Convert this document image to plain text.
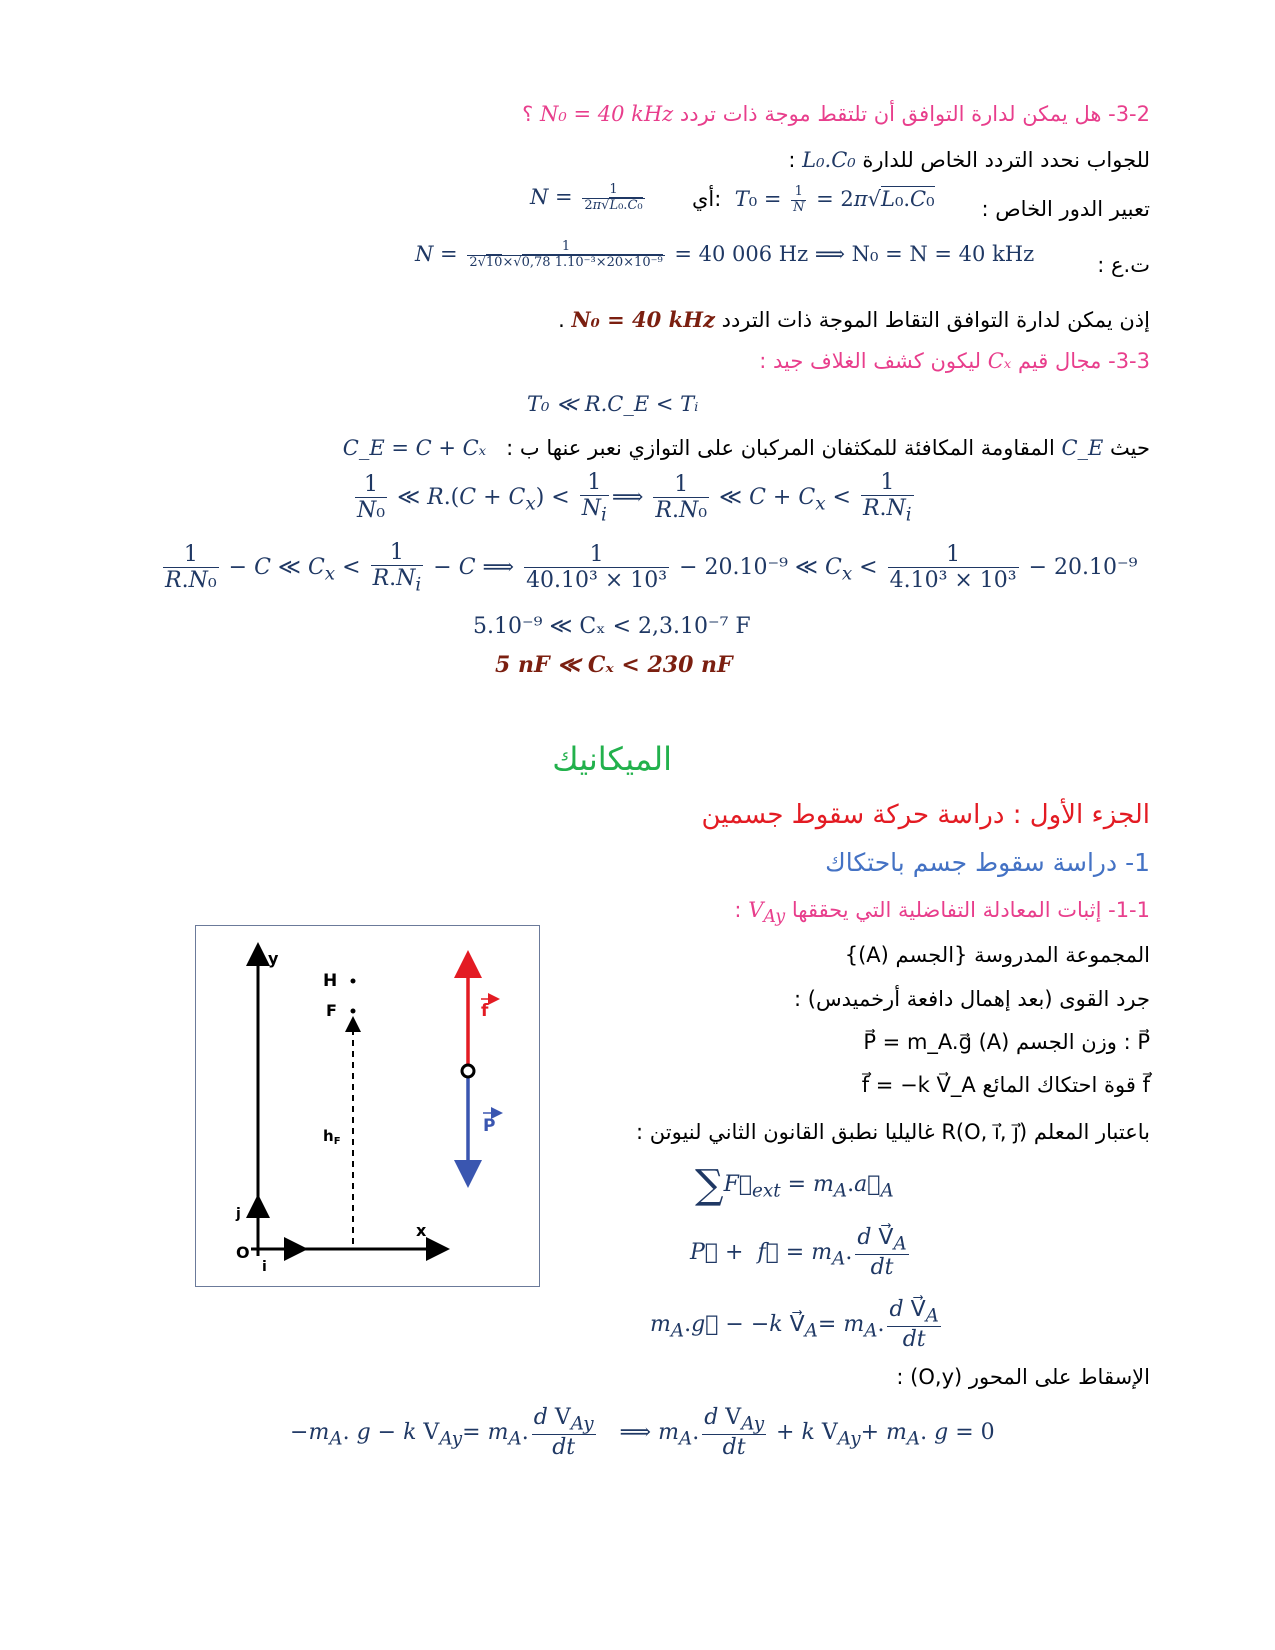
3-2- هل يمكن لدارة التوافق أن تلتقط موجة ذات تردد N₀ = 40 kHz ؟
للجواب نحدد التردد الخاص للدارة L₀.C₀ :
تعبير الدور الخاص :
أي: $T_0 = \frac{1}{N} = 2\pi√L_0.C_0$
$N = \frac{1}{\text{2π√L₀.C₀}}$
ت.ع :
$N = \frac{1}{\text{2√10×√0,78 1.10⁻³×20×10⁻⁹}} = 40$ 006 Hz ⟹ N₀ = N = 40 kHz
إذن يمكن لدارة التوافق التقاط الموجة ذات التردد N₀ = 40 kHz .
3-3- مجال قيم Cₓ ليكون كشف الغلاف جيد :
T₀ ≪ R.C_E < Tᵢ
حيث C_E المقاومة المكافئة للمكثفان المركبان على التوازي نعبر عنها ب :   C_E = C + Cₓ
$\frac{1}{\text{N₀}}$ ≪ $R.(C + C_x) < \frac{1}{N_i}$ ⟹ $\frac{1}{\text{R.N₀}}$ ≪ $C + C_x < \frac{1}{R.N_i}$
$\frac{1}{\text{R.N₀}} - C$ ≪ $C_x < \frac{1}{R.N_i} - C$ ⟹ $\frac{1}{\text{40.10³ × 10³}} - 20.10^{-9}$ ≪ $C_x < \frac{1}{\text{4.10³ × 10³}} - 20.10^{-9}$
5.10⁻⁹ ≪ Cₓ < 2,3.10⁻⁷ F
5 nF ≪ Cₓ < 230 nF
الميكانيك
الجزء الأول : دراسة حركة سقوط جسمين
1- دراسة سقوط جسم باحتكاك
1-1- إثبات المعادلة التفاضلية التي يحققها $V_{Ay}$ :
المجموعة المدروسة {الجسم (A)}
جرد القوى (بعد إهمال دافعة أرخميدس) :
P⃗ : وزن الجسم (A) P⃗ = m_A.g⃗
f⃗ قوة احتكاك المائع f⃗ = −k V⃗_A
باعتبار المعلم R(O, i⃗, j⃗) غاليليا نطبق القانون الثاني لنيوتن :
$\sum F⃗_{ext}$ = $m_A.a⃗_A$
P⃗ +  f⃗ = $m_A$. $\frac{d V⃗_A}{dt}$
$m_A.g⃗ - -k$ $V⃗_A= m_A$. $\frac{d V⃗_A}{dt}$
الإسقاط على المحور (O,y) :
$-m_A$. g − k $V_{Ay}= m_A$. $\frac{d V_{Ay}}{dt}$ ⟹ $m_A$. $\frac{d V_{Ay}}{dt} + k$ $V_{Ay}+ m_A$. g = 0
y
x
O
j
i
H
F
$h_F$
f
P
